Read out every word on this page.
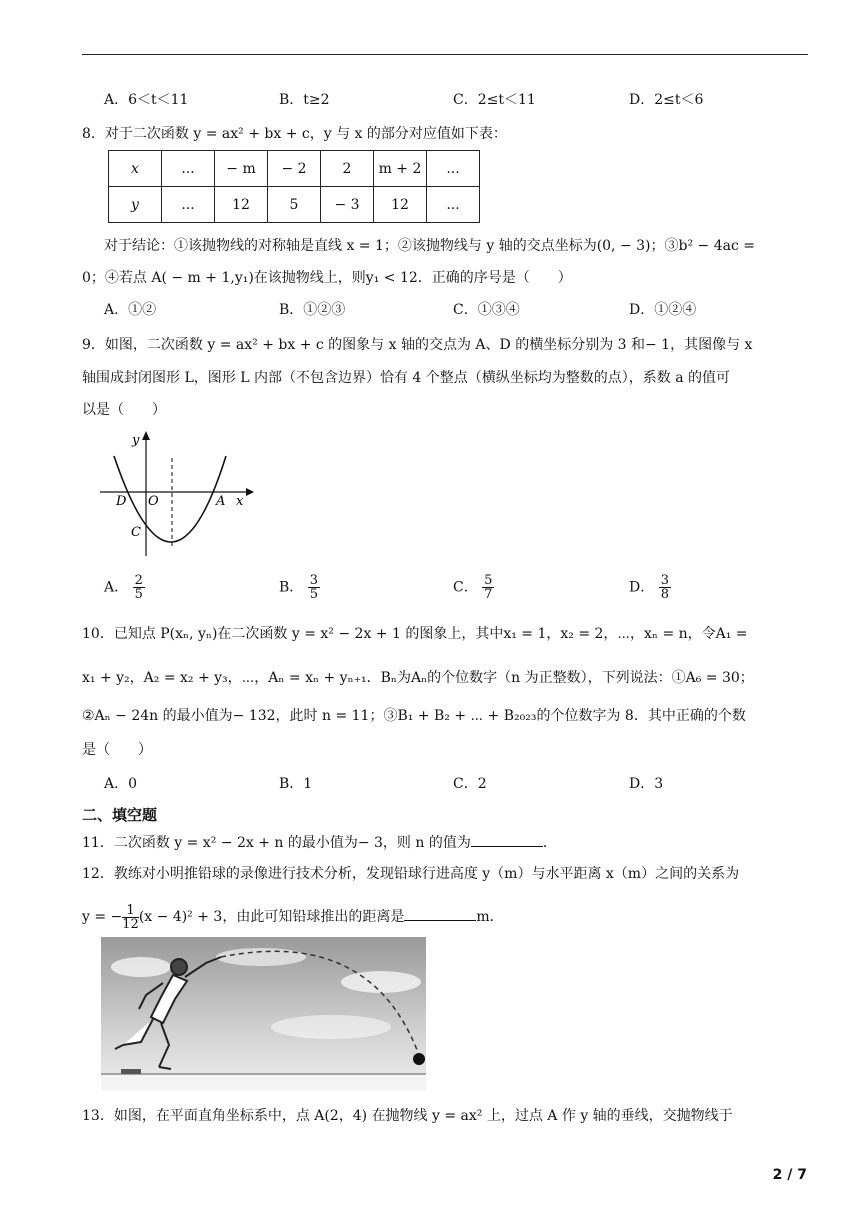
A．6＜t＜11	B．t≥2	C．2≤t＜11	D．2≤t＜6
8．对于二次函数 y = ax² + bx + c，y 与 x 的部分对应值如下表：
x	...	− m	− 2	2	m + 2	...
y	...	12	5	− 3	12	...
对于结论：①该抛物线的对称轴是直线 x = 1；②该抛物线与 y 轴的交点坐标为(0, − 3)；③b² − 4ac =
0；④若点 A( − m + 1,y₁)在该抛物线上，则y₁ < 12．正确的序号是（　　）
A．①②	B．①②③	C．①③④	D．①②④
9．如图，二次函数 y = ax² + bx + c 的图象与 x 轴的交点为 A、D 的横坐标分别为 3 和− 1，其图像与 x
轴围成封闭图形 L，图形 L 内部（不包含边界）恰有 4 个整点（横纵坐标均为整数的点），系数 a 的值可
以是（　　）
y
x
D O	A
C
A． $\frac{2}{5}$	B． $\frac{3}{5}$	C． $\frac{5}{7}$	D． $\frac{3}{8}$
10．已知点 P(xₙ, yₙ)在二次函数 y = x² − 2x + 1 的图象上，其中x₁ = 1，x₂ = 2，⋯，xₙ = n，令A₁ =
x₁ + y₂，A₂ = x₂ + y₃，⋯，Aₙ = xₙ + yₙ₊₁．Bₙ为Aₙ的个位数字（n 为正整数），下列说法：①A₆ = 30；
②Aₙ − 24n 的最小值为− 132，此时 n = 11；③B₁ + B₂ + ⋯ + B₂₀₂₃的个位数字为 8．其中正确的个数
是（　　）
A．0	B．1	C．2	D．3
二、填空题
11．二次函数 y = x² − 2x + n 的最小值为− 3，则 n 的值为	．
12．教练对小明推铅球的录像进行技术分析，发现铅球行进高度 y（m）与水平距离 x（m）之间的关系为
y = − $\frac{1}{12} (x - 4)^2 + 3$，由此可知铅球推出的距离是	m．
13．如图，在平面直角坐标系中，点 A(2，4) 在抛物线 y = ax² 上，过点 A 作 y 轴的垂线，交抛物线于
2 / 7
